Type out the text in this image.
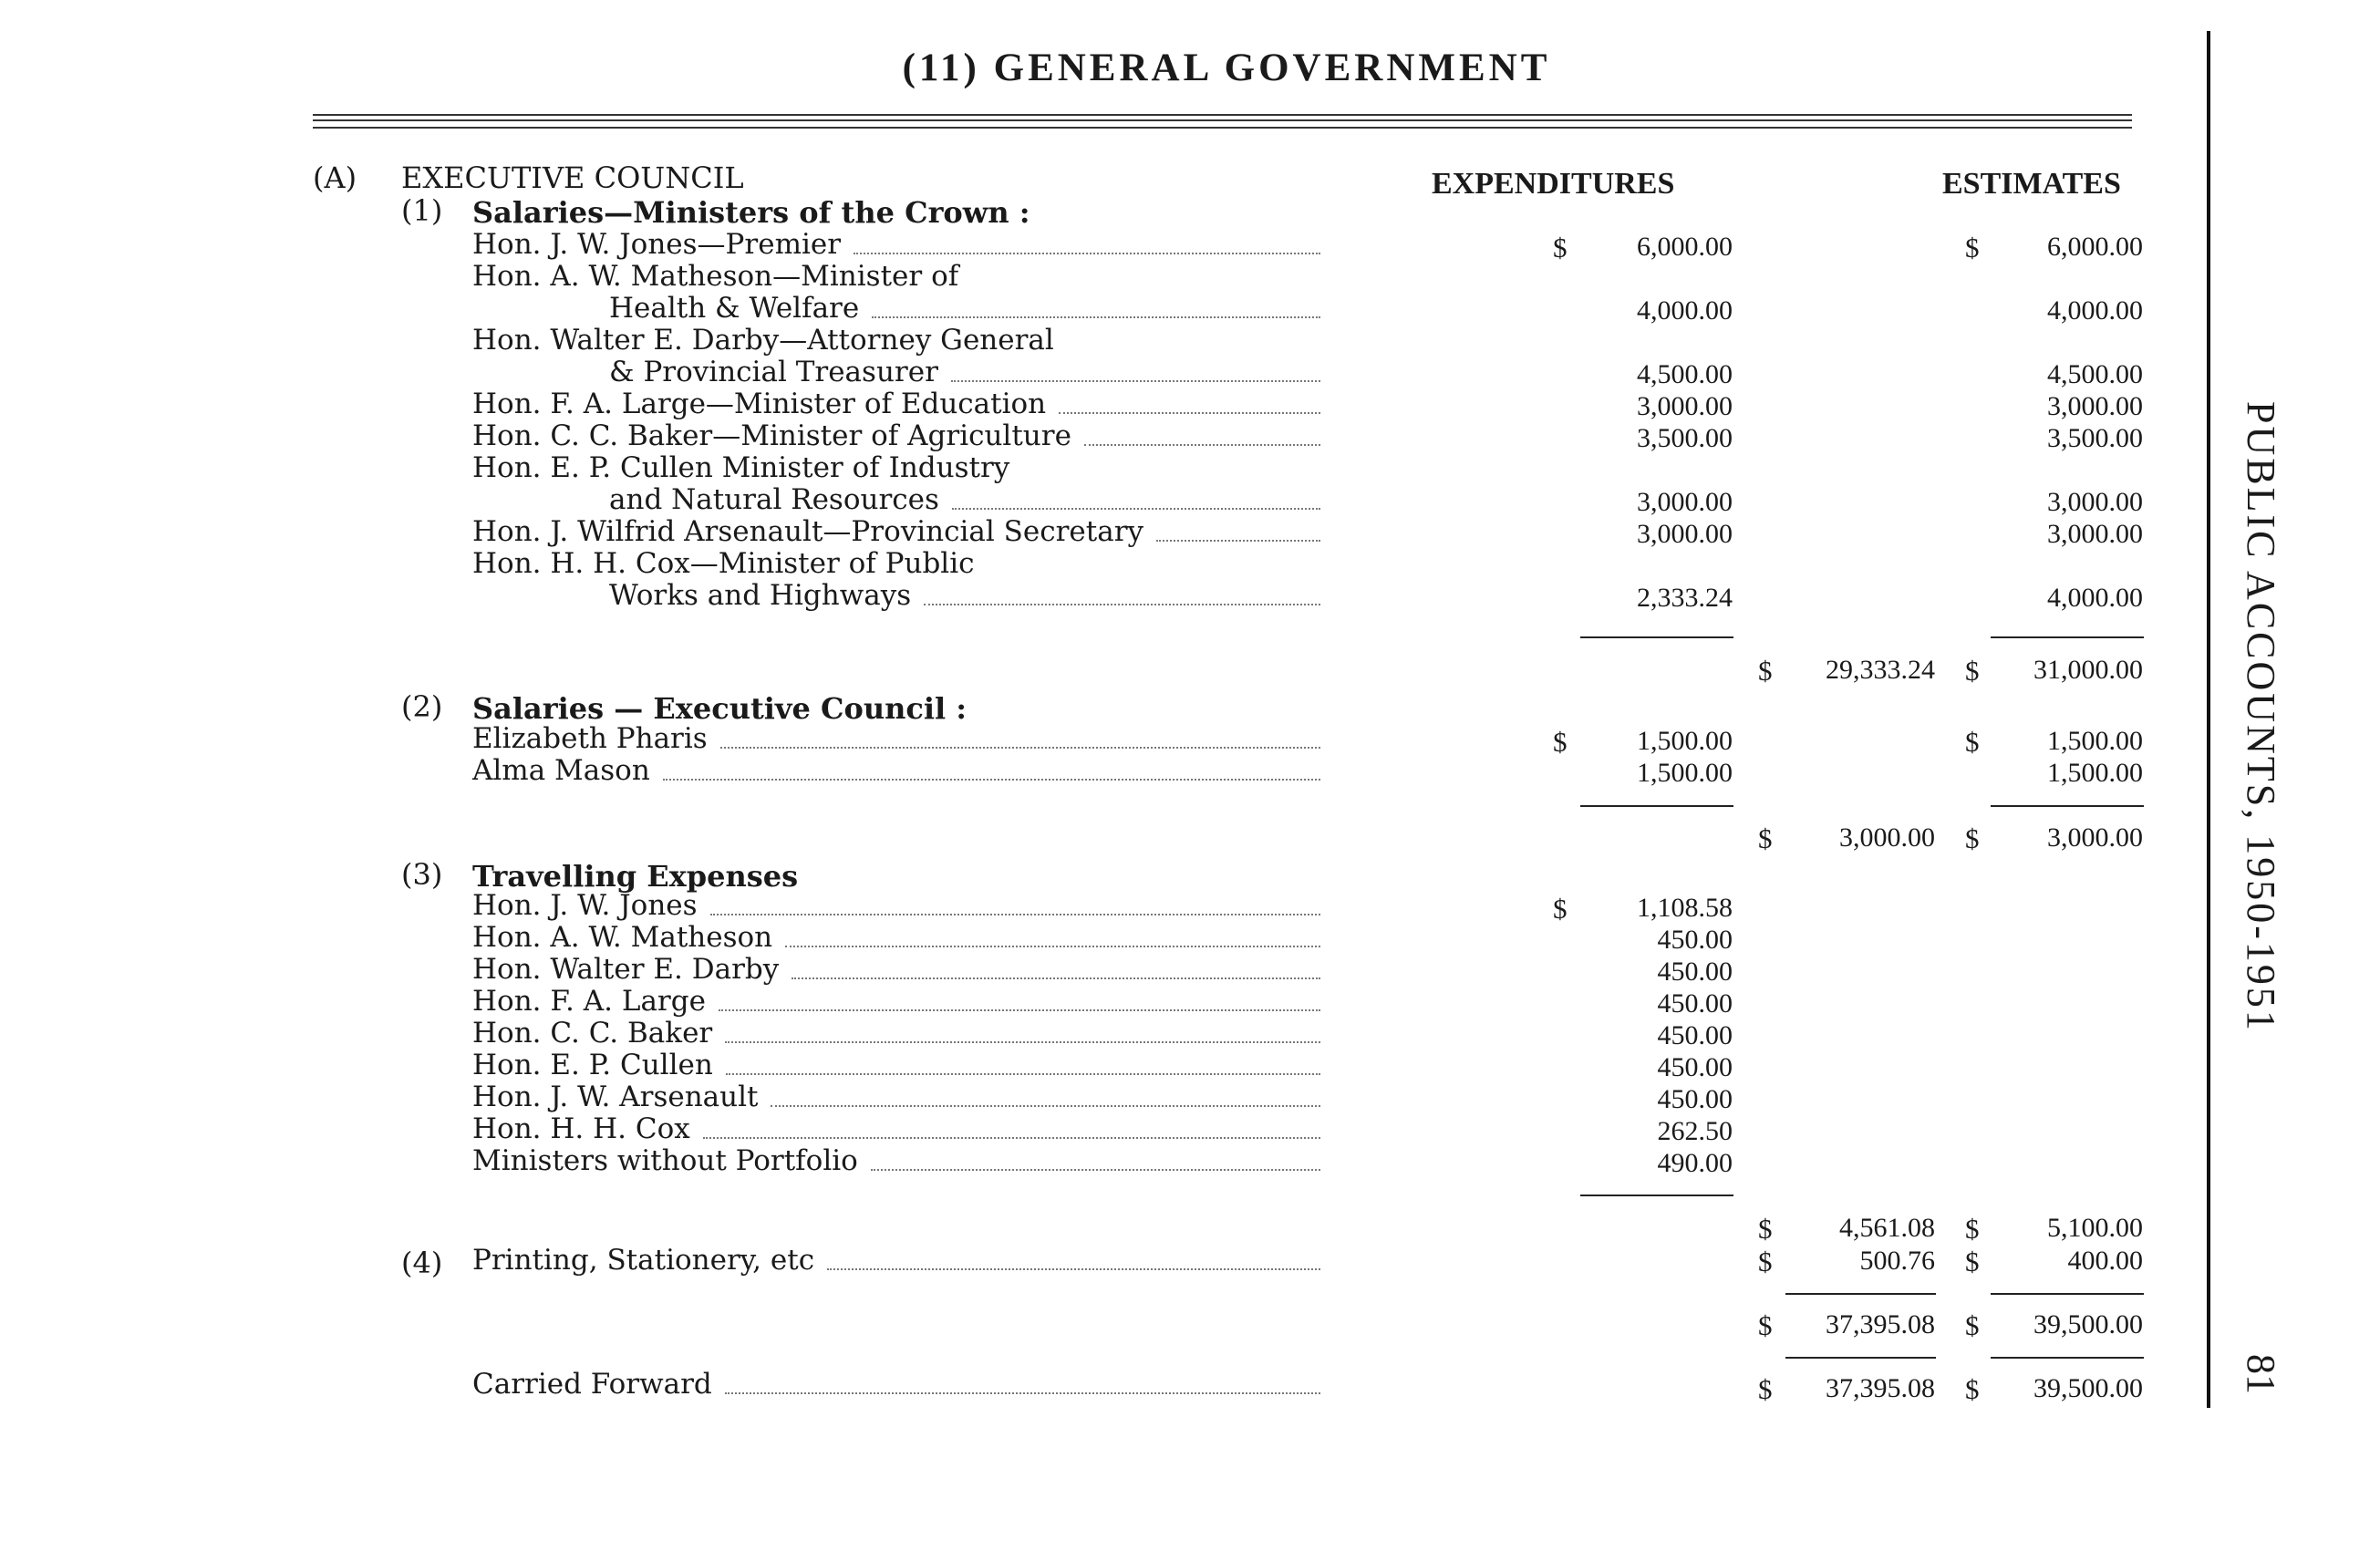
(11) GENERAL GOVERNMENT
EXPENDITURES	ESTIMATES
(A) EXECUTIVE COUNCIL
(1) Salaries—Ministers of the Crown :
Hon. J. W. Jones—Premier	$	6,000.00	$	6,000.00
Hon. A. W. Matheson—Minister of
Health & Welfare	4,000.00	4,000.00
Hon. Walter E. Darby—Attorney General
& Provincial Treasurer	4,500.00	4,500.00
Hon. F. A. Large—Minister of Education	3,000.00	3,000.00
Hon. C. C. Baker—Minister of Agriculture	3,500.00	3,500.00
Hon. E. P. Cullen Minister of Industry
and Natural Resources	3,000.00	3,000.00
Hon. J. Wilfrid Arsenault—Provincial Secretary	3,000.00	3,000.00
Hon. H. H. Cox—Minister of Public
Works and Highways	2,333.24	4,000.00
$	29,333.24 $	31,000.00
(2) Salaries — Executive Council :
Elizabeth Pharis	$	1,500.00	$	1,500.00
Alma Mason	1,500.00	1,500.00
$	3,000.00 $	3,000.00
(3) Travelling Expenses
Hon. J. W. Jones	$	1,108.58
Hon. A. W. Matheson	450.00
Hon. Walter E. Darby	450.00
Hon. F. A. Large	450.00
Hon. C. C. Baker	450.00
Hon. E. P. Cullen	450.00
Hon. J. W. Arsenault	450.00
Hon. H. H. Cox	262.50
Ministers without Portfolio	490.00
$	4,561.08 $	5,100.00
(4) Printing, Stationery, etc	$	500.76 $	400.00
$	37,395.08 $	39,500.00
Carried Forward	$	37,395.08 $	39,500.00
PUBLIC ACCOUNTS, 1950-1951
81
